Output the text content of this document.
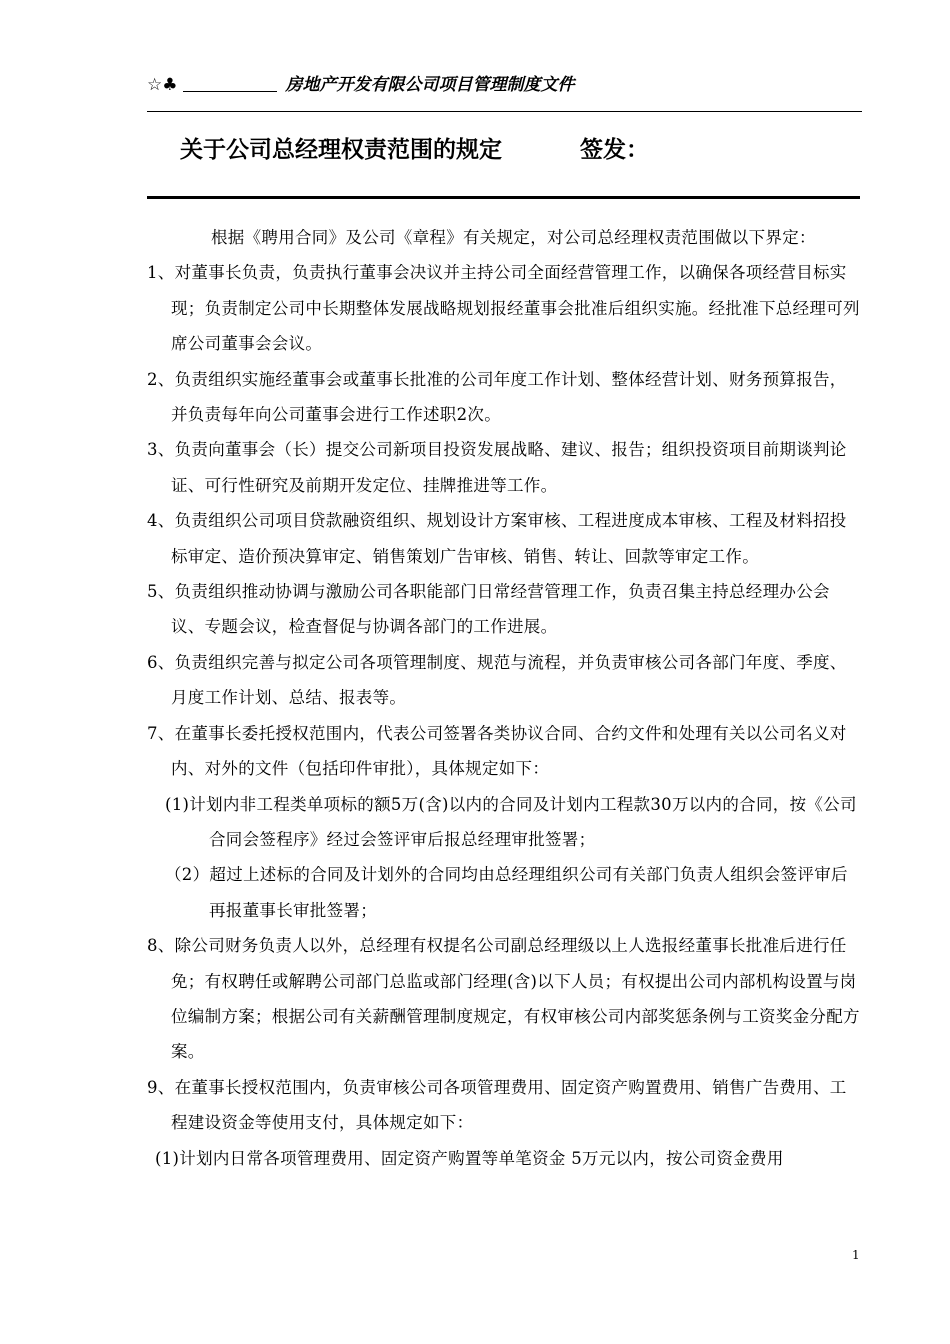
☆♣	房地产开发有限公司项目管理制度文件
关于公司总经理权责范围的规定	签发：

根据《聘用合同》及公司《章程》有关规定，对公司总经理权责范围做以下界定：

1、对董事长负责，负责执行董事会决议并主持公司全面经营管理工作，以确保各项经营目标实现；负责制定公司中长期整体发展战略规划报经董事会批准后组织实施。经批准下总经理可列席公司董事会会议。

2、负责组织实施经董事会或董事长批准的公司年度工作计划、整体经营计划、财务预算报告，并负责每年向公司董事会进行工作述职2次。

3、负责向董事会（长）提交公司新项目投资发展战略、建议、报告；组织投资项目前期谈判论证、可行性研究及前期开发定位、挂牌推进等工作。

4、负责组织公司项目贷款融资组织、规划设计方案审核、工程进度成本审核、工程及材料招投标审定、造价预决算审定、销售策划广告审核、销售、转让、回款等审定工作。

5、负责组织推动协调与激励公司各职能部门日常经营管理工作，负责召集主持总经理办公会议、专题会议，检查督促与协调各部门的工作进展。

6、负责组织完善与拟定公司各项管理制度、规范与流程，并负责审核公司各部门年度、季度、月度工作计划、总结、报表等。

7、在董事长委托授权范围内，代表公司签署各类协议合同、合约文件和处理有关以公司名义对内、对外的文件（包括印件审批），具体规定如下：

(1)计划内非工程类单项标的额5万(含)以内的合同及计划内工程款30万以内的合同，按《公司合同会签程序》经过会签评审后报总经理审批签署；

（2）超过上述标的合同及计划外的合同均由总经理组织公司有关部门负责人组织会签评审后再报董事长审批签署；

8、除公司财务负责人以外，总经理有权提名公司副总经理级以上人选报经董事长批准后进行任免；有权聘任或解聘公司部门总监或部门经理(含)以下人员；有权提出公司内部机构设置与岗位编制方案；根据公司有关薪酬管理制度规定，有权审核公司内部奖惩条例与工资奖金分配方案。

9、在董事长授权范围内，负责审核公司各项管理费用、固定资产购置费用、销售广告费用、工程建设资金等使用支付，具体规定如下：

(1)计划内日常各项管理费用、固定资产购置等单笔资金 5万元以内，按公司资金费用

1
